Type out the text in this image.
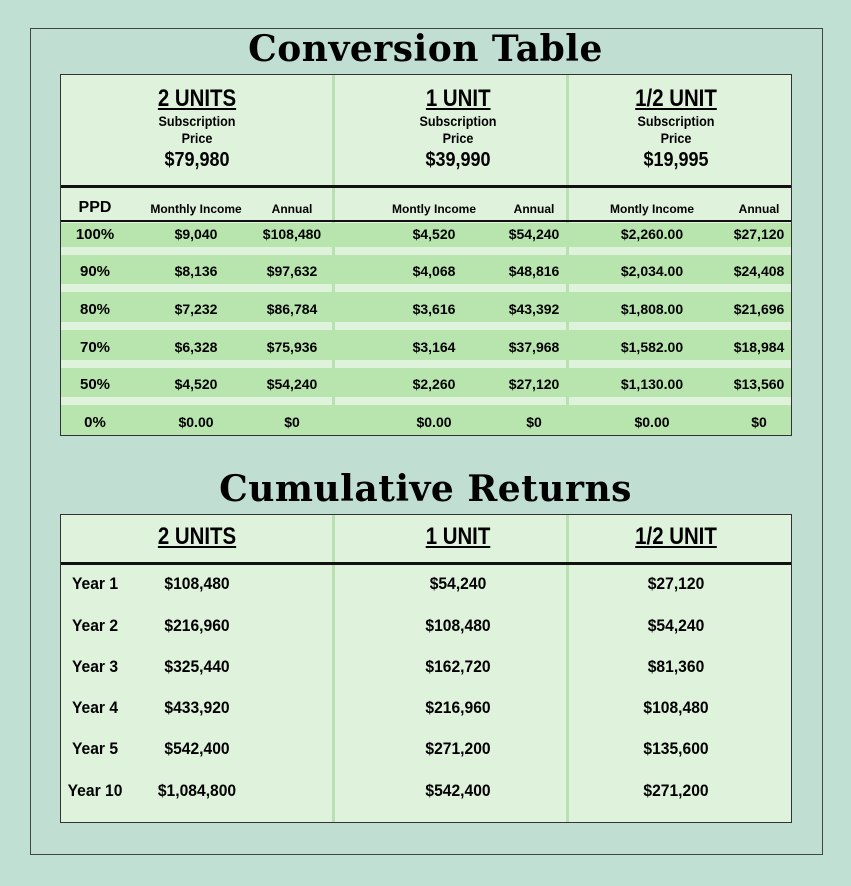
Conversion Table
2 UNITS
Subscription
Price
$79,980
1 UNIT
Subscription
Price
$39,990
1/2 UNIT
Subscription
Price
$19,995
PPD	Monthly Income Annual	Montly Income	Annual	Montly Income	Annual
100%	$9,040	$108,480	$4,520	$54,240	$2,260.00	$27,120
90%	$8,136	$97,632	$4,068	$48,816	$2,034.00	$24,408
80%	$7,232	$86,784	$3,616	$43,392	$1,808.00	$21,696
70%	$6,328	$75,936	$3,164	$37,968	$1,582.00	$18,984
50%	$4,520	$54,240	$2,260	$27,120	$1,130.00	$13,560
0%	$0.00	$0	$0.00	$0	$0.00	$0
Cumulative Returns
2 UNITS	1 UNIT	1/2 UNIT
Year 1	$108,480	$54,240	$27,120
Year 2	$216,960	$108,480	$54,240
Year 3	$325,440	$162,720	$81,360
Year 4	$433,920	$216,960	$108,480
Year 5	$542,400	$271,200	$135,600
Year 10 $1,084,800	$542,400	$271,200
